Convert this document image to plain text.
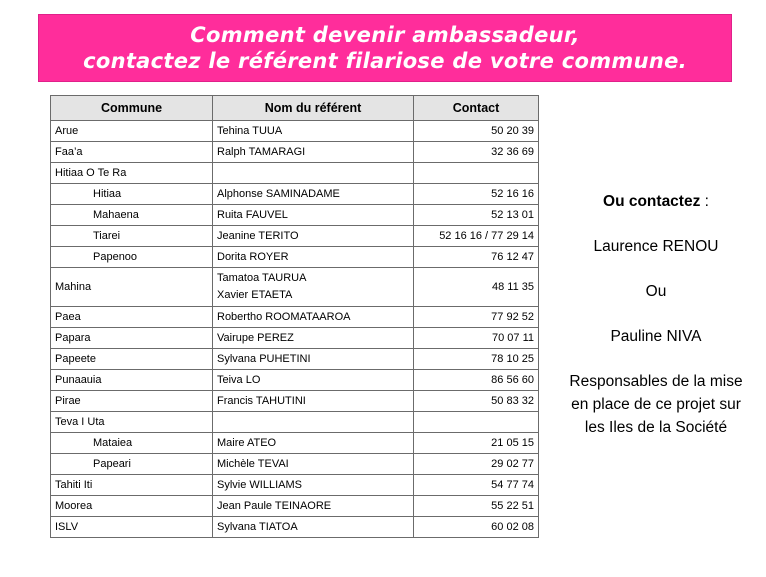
Comment devenir ambassadeur,
contactez le référent filariose de votre commune.
Commune	Nom du référent	Contact
Arue	Tehina TUUA	50 20 39
Faa’a	Ralph TAMARAGI	32 36 69
Hitiaa O Te Ra	

Hitiaa	Alphonse SAMINADAME	52 16 16
Mahaena	Ruita FAUVEL	52 13 01
Tiarei	Jeanine TERITO	52 16 16 / 77 29 14
Papenoo	Dorita ROYER	76 12 47
Mahina	Tamatoa TAURUA
Xavier ETAETA	48 11 35
Paea	Robertho ROOMATAAROA	77 92 52
Papara	Vairupe PEREZ	70 07 11
Papeete	Sylvana PUHETINI	78 10 25
Punaauia	Teiva LO	86 56 60
Pirae	Francis TAHUTINI	50 83 32
Teva I Uta	

Mataiea	Maire ATEO	21 05 15
Papeari	Michèle TEVAI	29 02 77
Tahiti Iti	Sylvie WILLIAMS	54 77 74
Moorea	Jean Paule TEINAORE	55 22 51
ISLV	Sylvana TIATOA	60 02 08
Ou contactez :
Laurence RENOU
Ou
Pauline NIVA
Responsables de la mise
en place de ce projet sur
les Iles de la Société
